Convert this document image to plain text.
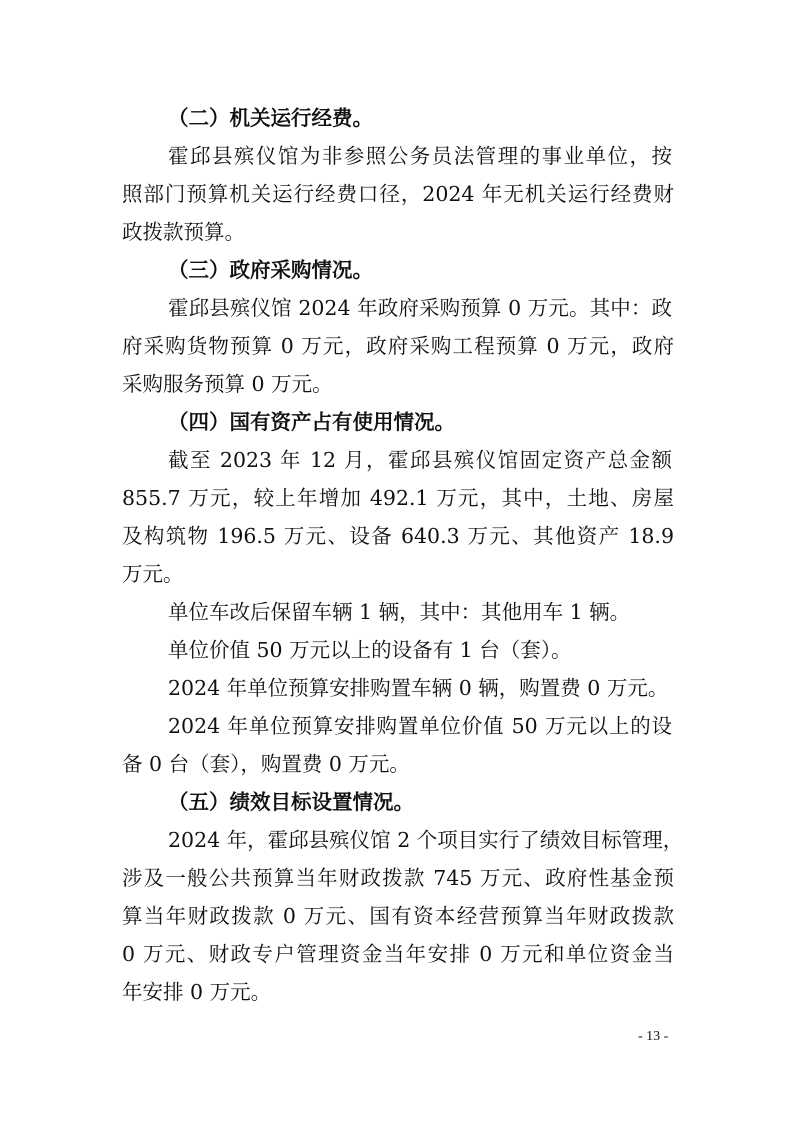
（二）机关运行经费。
霍邱县殡仪馆为非参照公务员法管理的事业单位，按
照部门预算机关运行经费口径，2024 年无机关运行经费财
政拨款预算。
（三）政府采购情况。
霍邱县殡仪馆 2024 年政府采购预算 0 万元。其中：政
府采购货物预算 0 万元，政府采购工程预算 0 万元，政府
采购服务预算 0 万元。
（四）国有资产占有使用情况。
截至 2023 年 12 月，霍邱县殡仪馆固定资产总金额
855.7 万元，较上年增加 492.1 万元，其中，土地、房屋
及构筑物 196.5 万元、设备 640.3 万元、其他资产 18.9
万元。
单位车改后保留车辆 1 辆，其中：其他用车 1 辆。
单位价值 50 万元以上的设备有 1 台（套）。
2024 年单位预算安排购置车辆 0 辆，购置费 0 万元。
2024 年单位预算安排购置单位价值 50 万元以上的设
备 0 台（套），购置费 0 万元。
（五）绩效目标设置情况。
2024 年，霍邱县殡仪馆 2 个项目实行了绩效目标管理，
涉及一般公共预算当年财政拨款 745 万元、政府性基金预
算当年财政拨款 0 万元、国有资本经营预算当年财政拨款
0 万元、财政专户管理资金当年安排 0 万元和单位资金当
年安排 0 万元。
- 13 -
